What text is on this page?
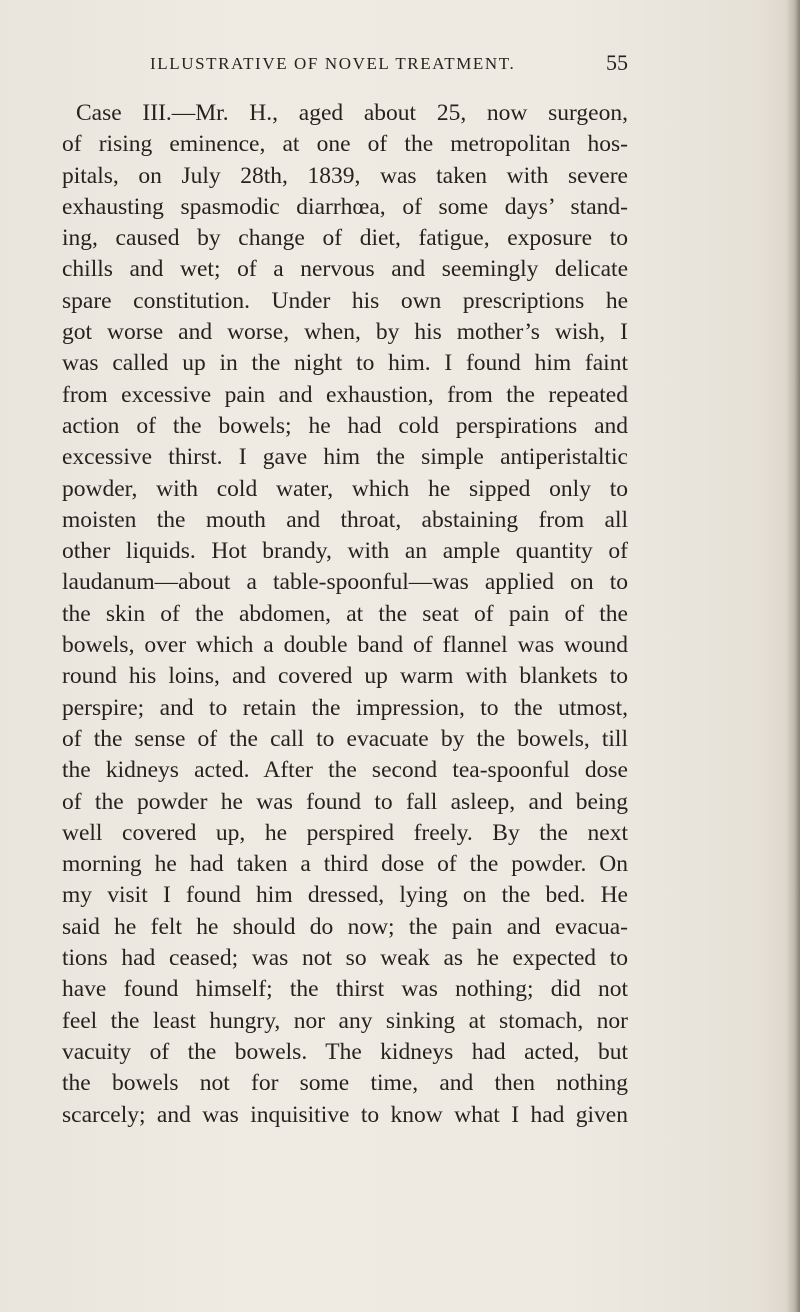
ILLUSTRATIVE OF NOVEL TREATMENT.	55
Case III.—Mr. H., aged about 25, now surgeon,
of rising eminence, at one of the metropolitan hos-
pitals, on July 28th, 1839, was taken with severe
exhausting spasmodic diarrhœa, of some days’ stand-
ing, caused by change of diet, fatigue, exposure to
chills and wet; of a nervous and seemingly delicate
spare constitution. Under his own prescriptions he
got worse and worse, when, by his mother’s wish, I
was called up in the night to him. I found him faint
from excessive pain and exhaustion, from the repeated
action of the bowels; he had cold perspirations and
excessive thirst. I gave him the simple antiperistaltic
powder, with cold water, which he sipped only to
moisten the mouth and throat, abstaining from all
other liquids. Hot brandy, with an ample quantity of
laudanum—about a table-spoonful—was applied on to
the skin of the abdomen, at the seat of pain of the
bowels, over which a double band of flannel was wound
round his loins, and covered up warm with blankets to
perspire; and to retain the impression, to the utmost,
of the sense of the call to evacuate by the bowels, till
the kidneys acted. After the second tea-spoonful dose
of the powder he was found to fall asleep, and being
well covered up, he perspired freely. By the next
morning he had taken a third dose of the powder. On
my visit I found him dressed, lying on the bed. He
said he felt he should do now; the pain and evacua-
tions had ceased; was not so weak as he expected to
have found himself; the thirst was nothing; did not
feel the least hungry, nor any sinking at stomach, nor
vacuity of the bowels. The kidneys had acted, but
the bowels not for some time, and then nothing
scarcely; and was inquisitive to know what I had given
